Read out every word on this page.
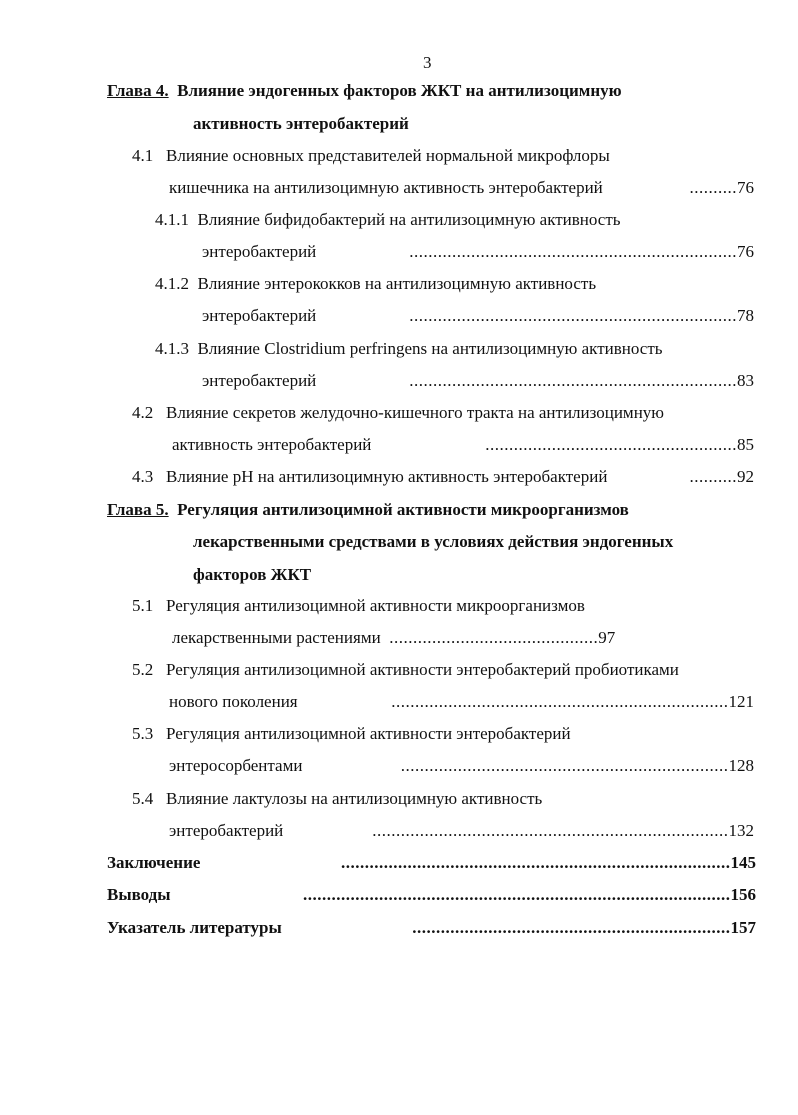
3
Глава 4. Влияние эндогенных факторов ЖКТ на антилизоцимную
активность энтеробактерий
4.1 Влияние основных представителей нормальной микрофлоры
кишечника на антилизоцимную активность энтеробактерий	..........76
4.1.1 Влияние бифидобактерий на антилизоцимную активность
энтеробактерий	.....................................................................76
4.1.2 Влияние энтерококков на антилизоцимную активность
энтеробактерий	.....................................................................78
4.1.3 Влияние Clostridium perfringens на антилизоцимную активность
энтеробактерий	.....................................................................83
4.2 Влияние секретов желудочно-кишечного тракта на антилизоцимную
активность энтеробактерий	.....................................................85
4.3 Влияние pH на антилизоцимную активность энтеробактерий	..........92
Глава 5. Регуляция антилизоцимной активности микроорганизмов
лекарственными средствами в условиях действия эндогенных
факторов ЖКТ
5.1 Регуляция антилизоцимной активности микроорганизмов
лекарственными растениями ............................................97
5.2 Регуляция антилизоцимной активности энтеробактерий пробиотиками
нового поколения	.......................................................................121
5.3 Регуляция антилизоцимной активности энтеробактерий
энтеросорбентами	.....................................................................128
5.4 Влияние лактулозы на антилизоцимную активность
энтеробактерий	...........................................................................132
Заключение	..................................................................................145
Выводы	..........................................................................................156
Указатель литературы	...................................................................157
